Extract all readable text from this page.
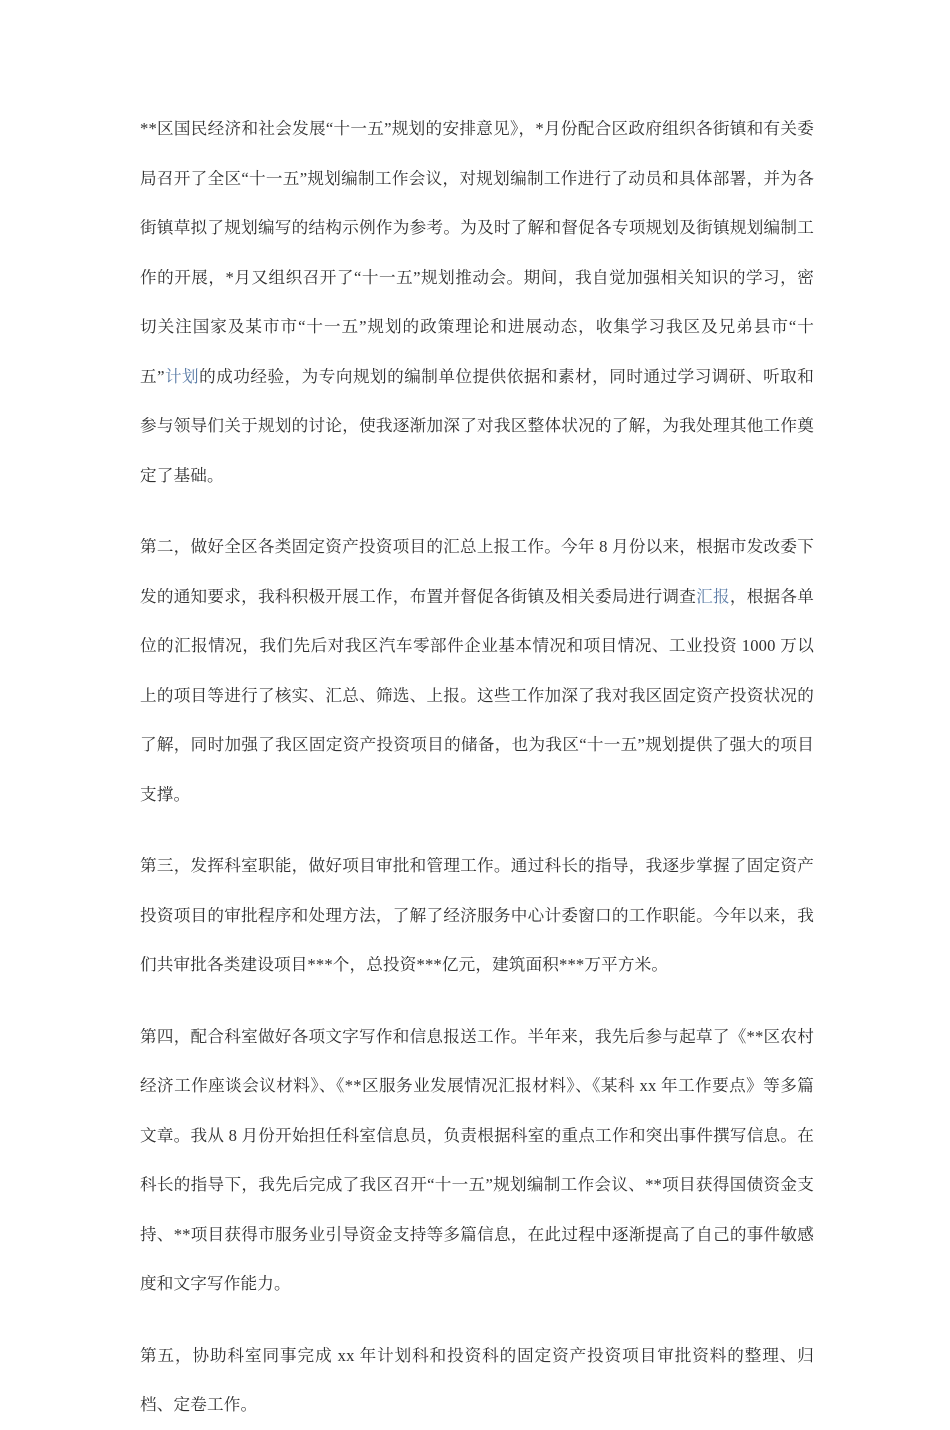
**区国民经济和社会发展“十一五”规划的安排意见》，*月份配合区政府组织各街镇和有关委局召开了全区“十一五”规划编制工作会议，对规划编制工作进行了动员和具体部署，并为各街镇草拟了规划编写的结构示例作为参考。为及时了解和督促各专项规划及街镇规划编制工作的开展，*月又组织召开了“十一五”规划推动会。期间，我自觉加强相关知识的学习，密切关注国家及某市市“十一五”规划的政策理论和进展动态，收集学习我区及兄弟县市“十五”计划的成功经验，为专向规划的编制单位提供依据和素材，同时通过学习调研、听取和参与领导们关于规划的讨论，使我逐渐加深了对我区整体状况的了解，为我处理其他工作奠定了基础。

第二，做好全区各类固定资产投资项目的汇总上报工作。今年 8 月份以来，根据市发改委下发的通知要求，我科积极开展工作，布置并督促各街镇及相关委局进行调查汇报，根据各单位的汇报情况，我们先后对我区汽车零部件企业基本情况和项目情况、工业投资 1000 万以上的项目等进行了核实、汇总、筛选、上报。这些工作加深了我对我区固定资产投资状况的了解，同时加强了我区固定资产投资项目的储备，也为我区“十一五”规划提供了强大的项目支撑。

第三，发挥科室职能，做好项目审批和管理工作。通过科长的指导，我逐步掌握了固定资产投资项目的审批程序和处理方法，了解了经济服务中心计委窗口的工作职能。今年以来，我们共审批各类建设项目***个，总投资***亿元，建筑面积***万平方米。

第四，配合科室做好各项文字写作和信息报送工作。半年来，我先后参与起草了《**区农村经济工作座谈会议材料》、《**区服务业发展情况汇报材料》、《某科 xx 年工作要点》等多篇文章。我从 8 月份开始担任科室信息员，负责根据科室的重点工作和突出事件撰写信息。在科长的指导下，我先后完成了我区召开“十一五”规划编制工作会议、**项目获得国债资金支持、**项目获得市服务业引导资金支持等多篇信息，在此过程中逐渐提高了自己的事件敏感度和文字写作能力。

第五，协助科室同事完成 xx 年计划科和投资科的固定资产投资项目审批资料的整理、归档、定卷工作。
